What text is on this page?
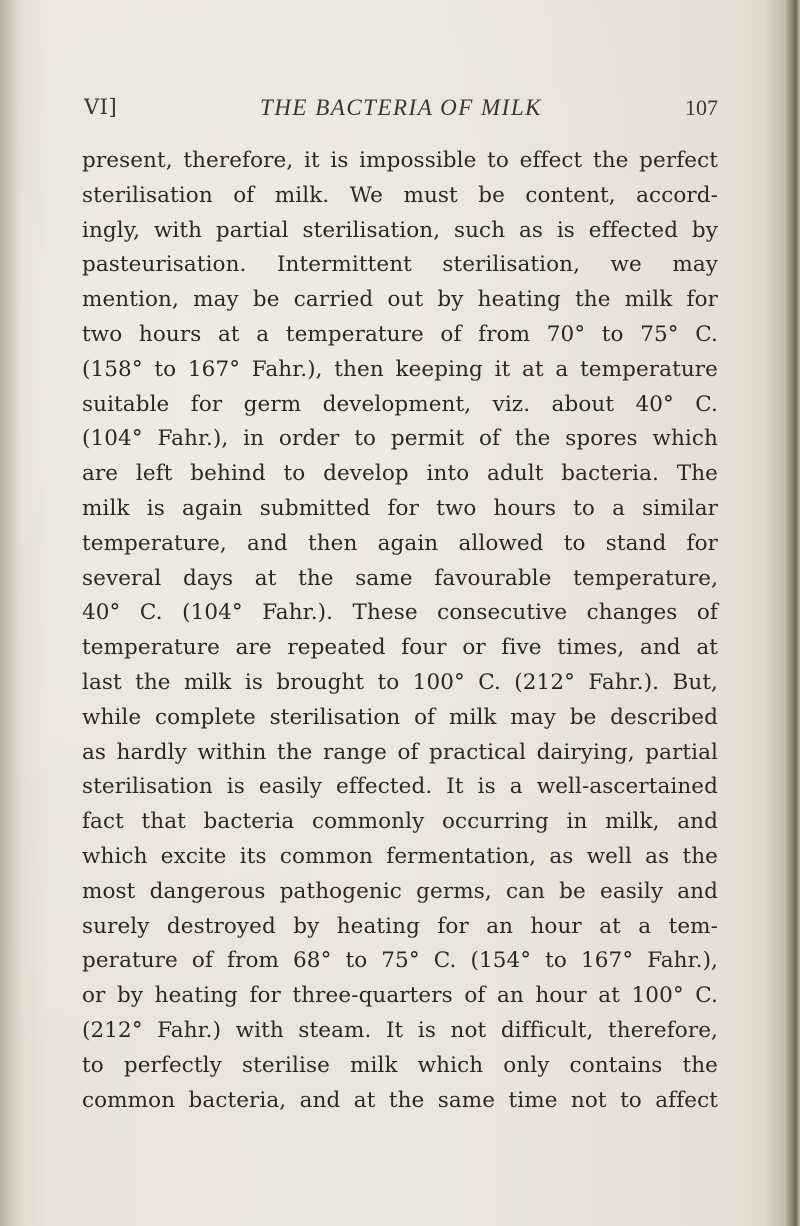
VI]	THE BACTERIA OF MILK	107
present, therefore, it is impossible to effect the perfect
sterilisation of milk. We must be content, accord-
ingly, with partial sterilisation, such as is effected by
pasteurisation. Intermittent sterilisation, we may
mention, may be carried out by heating the milk for
two hours at a temperature of from 70° to 75° C.
(158° to 167° Fahr.), then keeping it at a temperature
suitable for germ development, viz. about 40° C.
(104° Fahr.), in order to permit of the spores which
are left behind to develop into adult bacteria. The
milk is again submitted for two hours to a similar
temperature, and then again allowed to stand for
several days at the same favourable temperature,
40° C. (104° Fahr.). These consecutive changes of
temperature are repeated four or five times, and at
last the milk is brought to 100° C. (212° Fahr.). But,
while complete sterilisation of milk may be described
as hardly within the range of practical dairying, partial
sterilisation is easily effected. It is a well-ascertained
fact that bacteria commonly occurring in milk, and
which excite its common fermentation, as well as the
most dangerous pathogenic germs, can be easily and
surely destroyed by heating for an hour at a tem-
perature of from 68° to 75° C. (154° to 167° Fahr.),
or by heating for three-quarters of an hour at 100° C.
(212° Fahr.) with steam. It is not difficult, therefore,
to perfectly sterilise milk which only contains the
common bacteria, and at the same time not to affect
